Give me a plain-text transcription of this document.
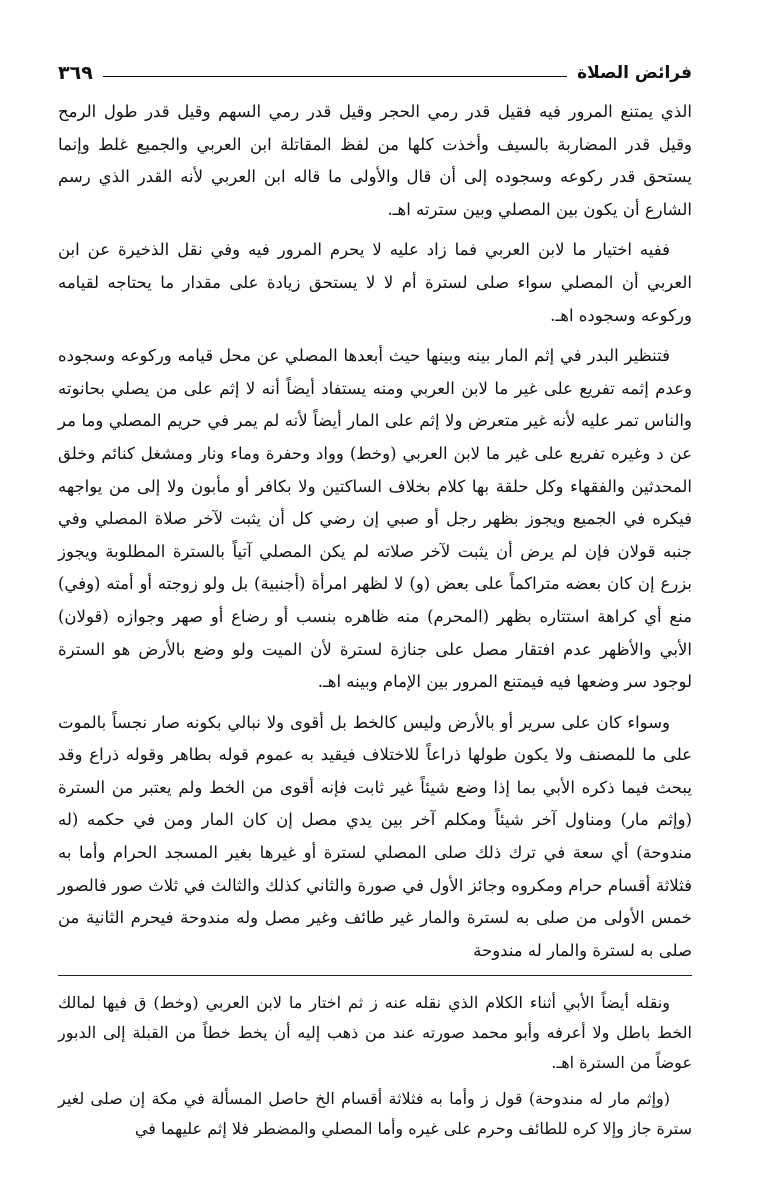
فرائض الصلاة
٣٦٩

الذي يمتنع المرور فيه فقيل قدر رمي الحجر وقيل قدر رمي السهم وقيل قدر طول الرمح وقيل قدر المضاربة بالسيف وأخذت كلها من لفظ المقاتلة ابن العربي والجميع غلط وإنما يستحق قدر ركوعه وسجوده إلى أن قال والأولى ما قاله ابن العربي لأنه القدر الذي رسم الشارع أن يكون بين المصلي وبين سترته اهـ.

ففيه اختيار ما لابن العربي فما زاد عليه لا يحرم المرور فيه وفي نقل الذخيرة عن ابن العربي أن المصلي سواء صلى لسترة أم لا لا يستحق زيادة على مقدار ما يحتاجه لقيامه وركوعه وسجوده اهـ.

فتنظير البدر في إثم المار بينه وبينها حيث أبعدها المصلي عن محل قيامه وركوعه وسجوده وعدم إثمه تفريع على غير ما لابن العربي ومنه يستفاد أيضاً أنه لا إثم على من يصلي بحانوته والناس تمر عليه لأنه غير متعرض ولا إثم على المار أيضاً لأنه لم يمر في حريم المصلي وما مر عن د وغيره تفريع على غير ما لابن العربي (وخط) وواد وحفرة وماء ونار ومشغل كنائم وخلق المحدثين والفقهاء وكل حلقة بها كلام بخلاف الساكتين ولا بكافر أو مأبون ولا إلى من يواجهه فيكره في الجميع ويجوز بظهر رجل أو صبي إن رضي كل أن يثبت لآخر صلاة المصلي وفي جنبه قولان فإن لم يرض أن يثبت لآخر صلاته لم يكن المصلي آتياً بالسترة المطلوبة ويجوز بزرع إن كان بعضه متراكماً على بعض (و) لا لظهر امرأة (أجنبية) بل ولو زوجته أو أمته (وفي) منع أي كراهة استتاره بظهر (المحرم) منه ظاهره بنسب أو رضاع أو صهر وجوازه (قولان) الأبي والأظهر عدم افتقار مصل على جنازة لسترة لأن الميت ولو وضع بالأرض هو السترة لوجود سر وضعها فيه فيمتنع المرور بين الإمام وبينه اهـ.

وسواء كان على سرير أو بالأرض وليس كالخط بل أقوى ولا نبالي بكونه صار نجساً بالموت على ما للمصنف ولا يكون طولها ذراعاً للاختلاف فيقيد به عموم قوله بطاهر وقوله ذراع وقد يبحث فيما ذكره الأبي بما إذا وضع شيئاً غير ثابت فإنه أقوى من الخط ولم يعتبر من السترة (وإثم مار) ومناول آخر شيئاً ومكلم آخر بين يدي مصل إن كان المار ومن في حكمه (له مندوحة) أي سعة في ترك ذلك صلى المصلي لسترة أو غيرها بغير المسجد الحرام وأما به فثلاثة أقسام حرام ومكروه وجائز الأول في صورة والثاني كذلك والثالث في ثلاث صور فالصور خمس الأولى من صلى به لسترة والمار غير طائف وغير مصل وله مندوحة فيحرم الثانية من صلى به لسترة والمار له مندوحة

ونقله أيضاً الأبي أثناء الكلام الذي نقله عنه ز ثم اختار ما لابن العربي (وخط) ق فيها لمالك الخط باطل ولا أعرفه وأبو محمد صورته عند من ذهب إليه أن يخط خطاً من القبلة إلى الدبور عوضاً من السترة اهـ.

(وإثم مار له مندوحة) قول ز وأما به فثلاثة أقسام الخ حاصل المسألة في مكة إن صلى لغير سترة جاز وإلا كره للطائف وحرم على غيره وأما المصلي والمضطر فلا إثم عليهما في
